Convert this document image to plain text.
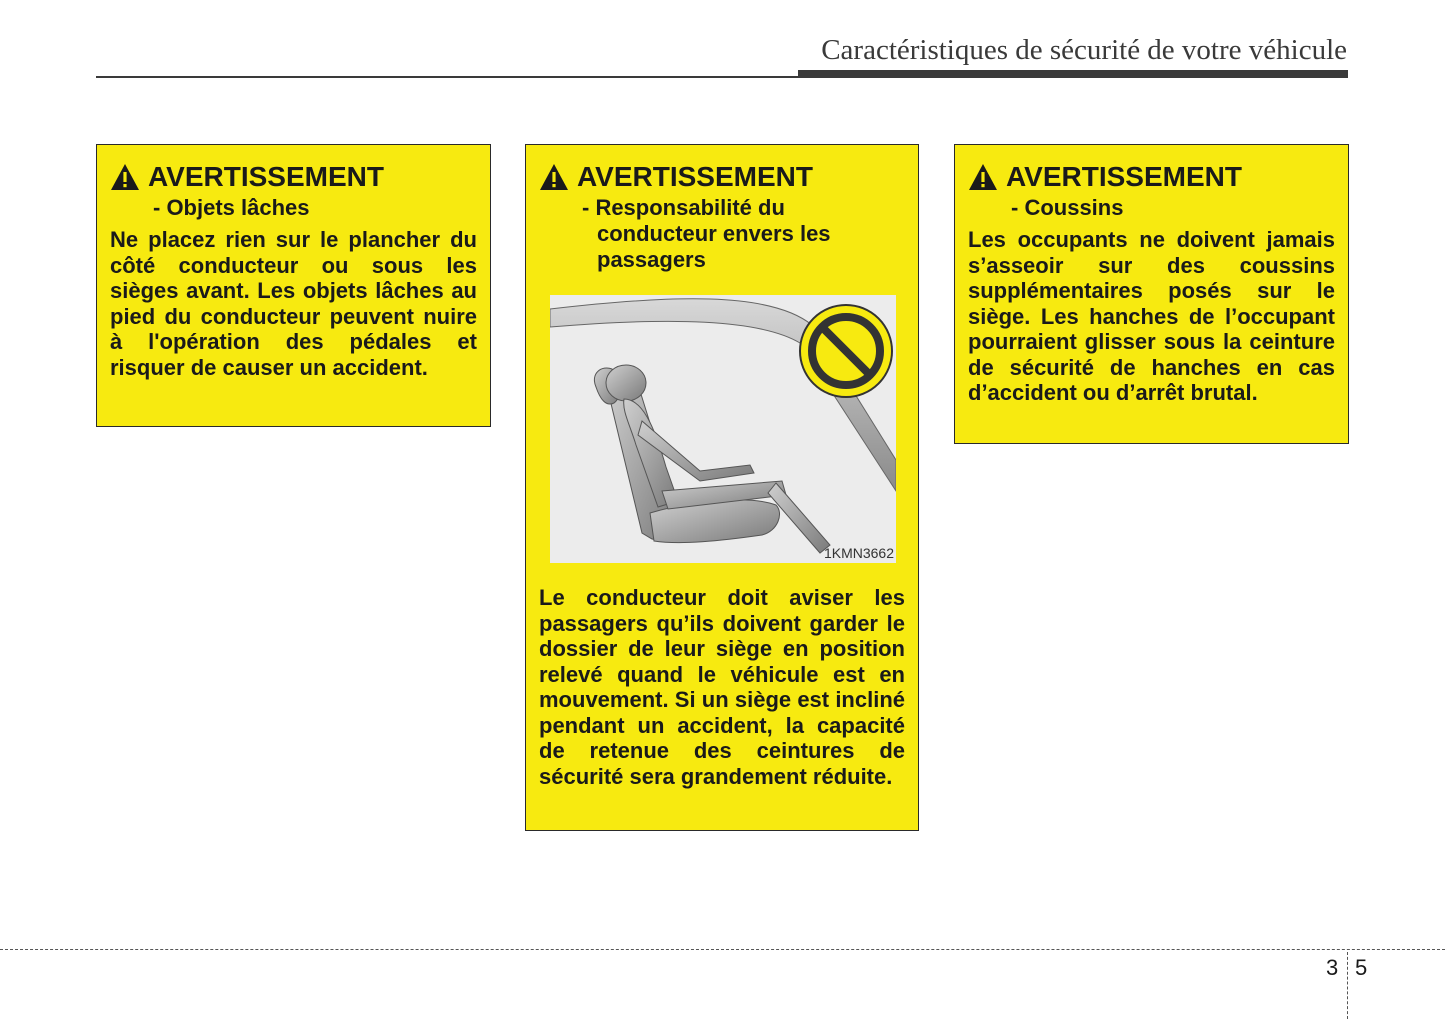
Caractéristiques de sécurité de votre véhicule
AVERTISSEMENT
- Objets lâches
Ne placez rien sur le plancher du côté conducteur ou sous les sièges avant. Les objets lâches au pied du conducteur peuvent nuire à l'opération des pédales et risquer de causer un accident.
AVERTISSEMENT
- Responsabilité du
conducteur envers les
passagers
1KMN3662
Le conducteur doit aviser les passagers qu’ils doivent garder le dossier de leur siège en position relevé quand le véhicule est en mouvement. Si un siège est incliné pendant un accident, la capacité de retenue des ceintures de sécurité sera grandement réduite.
AVERTISSEMENT
- Coussins
Les occupants ne doivent jamais s’asseoir sur des coussins supplémentaires posés sur le siège. Les hanches de l’occupant pourraient glisser sous la ceinture de sécurité de hanches en cas d’accident ou d’arrêt brutal.
3 5
